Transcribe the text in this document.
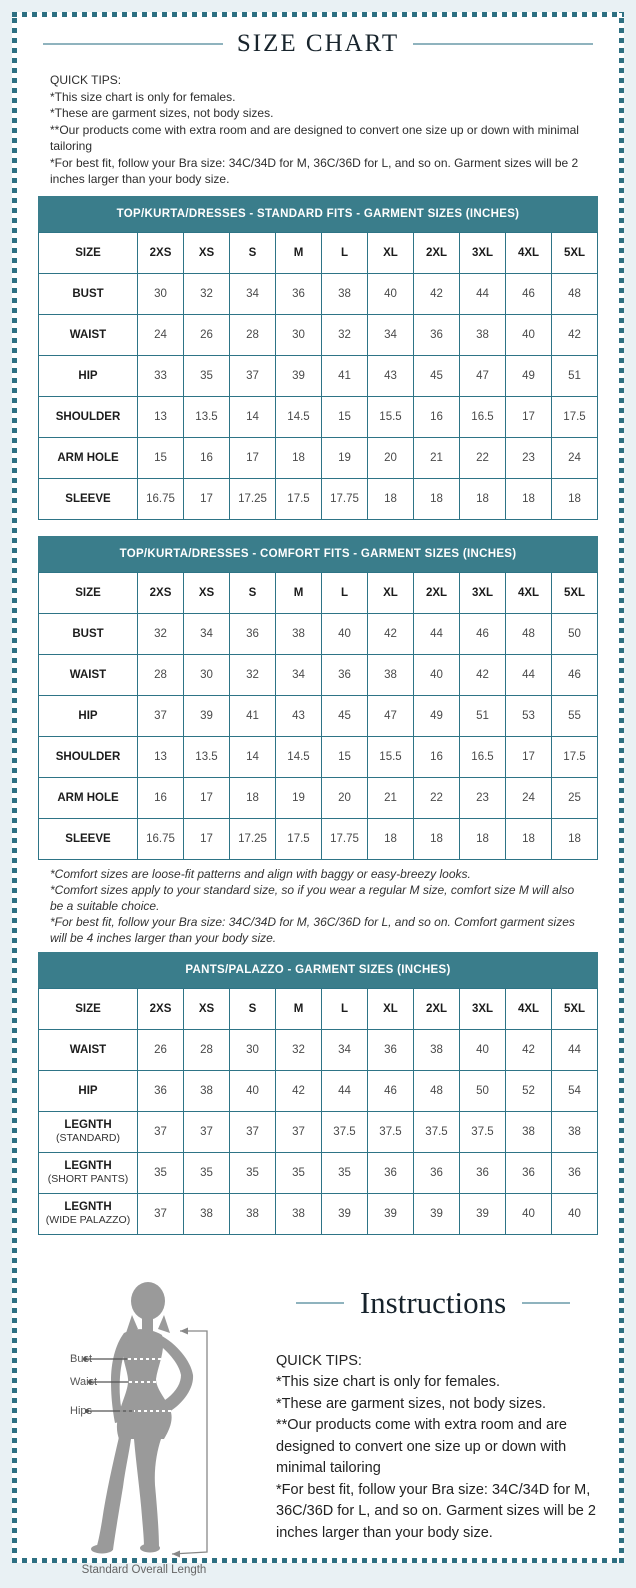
SIZE CHART
QUICK TIPS:
*This size chart is only for females.
*These are garment sizes, not body sizes.
**Our products come with extra room and are designed to convert one size up or down with minimal tailoring
*For best fit, follow your Bra size: 34C/34D for M, 36C/36D for L, and so on. Garment sizes will be 2 inches larger than your body size.
TOP/KURTA/DRESSES - STANDARD FITS - GARMENT SIZES (INCHES)
SIZE	2XS	XS	S	M	L	XL	2XL	3XL	4XL	5XL

BUST	30	32	34	36	38	40	42	44	46	48

WAIST	24	26	28	30	32	34	36	38	40	42

HIP	33	35	37	39	41	43	45	47	49	51

SHOULDER	13	13.5	14	14.5	15	15.5	16	16.5	17	17.5

ARM HOLE	15	16	17	18	19	20	21	22	23	24

SLEEVE	16.75	17	17.25	17.5	17.75	18	18	18	18	18
TOP/KURTA/DRESSES - COMFORT FITS - GARMENT SIZES (INCHES)
SIZE	2XS	XS	S	M	L	XL	2XL	3XL	4XL	5XL

BUST	32	34	36	38	40	42	44	46	48	50

WAIST	28	30	32	34	36	38	40	42	44	46

HIP	37	39	41	43	45	47	49	51	53	55

SHOULDER	13	13.5	14	14.5	15	15.5	16	16.5	17	17.5

ARM HOLE	16	17	18	19	20	21	22	23	24	25

SLEEVE	16.75	17	17.25	17.5	17.75	18	18	18	18	18
*Comfort sizes are loose-fit patterns and align with baggy or easy-breezy looks.
*Comfort sizes apply to your standard size, so if you wear a regular M size, comfort size M will also be a suitable choice.
*For best fit, follow your Bra size: 34C/34D for M, 36C/36D for L, and so on. Comfort garment sizes will be 4 inches larger than your body size.
PANTS/PALAZZO - GARMENT SIZES (INCHES)
SIZE	2XS	XS	S	M	L	XL	2XL	3XL	4XL	5XL

WAIST	26	28	30	32	34	36	38	40	42	44

HIP	36	38	40	42	44	46	48	50	52	54

LEGNTH
(STANDARD)	37	37	37	37	37.5	37.5	37.5	37.5	38	38

LEGNTH
(SHORT PANTS)	35	35	35	35	35	36	36	36	36	36

LEGNTH
(WIDE PALAZZO)	37	38	38	38	39	39	39	39	40	40
Bust
Waist
Hips
Standard Overall Length
Instructions
QUICK TIPS:
*This size chart is only for females.
*These are garment sizes, not body sizes.
**Our products come with extra room and are designed to convert one size up or down with minimal tailoring
*For best fit, follow your Bra size: 34C/34D for M, 36C/36D for L, and so on. Garment sizes will be 2 inches larger than your body size.
